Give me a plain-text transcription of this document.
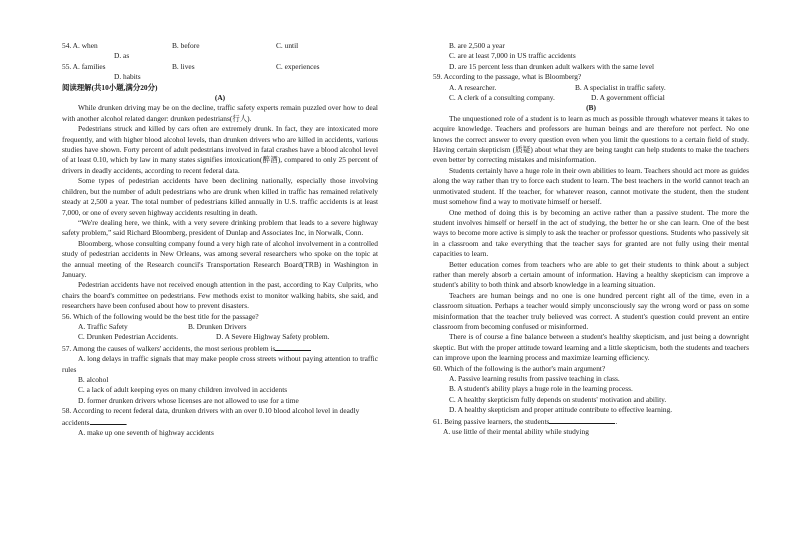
54. A. when	B. before	C. until
D. as
55. A. families	B. lives	C. experiences
D. habits
阅读理解(共10小题,满分20分)
(A)

While drunken driving may be on the decline, traffic safety experts remain puzzled over how to deal with another alcohol related danger: drunken pedestrians(行人).

Pedestrians struck and killed by cars often are extremely drunk. In fact, they are intoxicated more frequently, and with higher blood alcohol levels, than drunken drivers who are killed in accidents, various studies have shown. Forty percent of adult pedestrians involved in fatal crashes have a blood alcohol level of at least 0.10, which by law in many states signifies intoxication(醉酒), compared to only 25 percent of drivers in deadly accidents, according to recent federal data.

Some types of pedestrian accidents have been declining nationally, especially those involving children, but the number of adult pedestrians who are drunk when killed in traffic has remained relatively steady at 2,500 a year. The total number of pedestrians killed annually in U.S. traffic accidents is at least 7,000, or one of every seven highway accidents resulting in death.

“We're dealing here, we think, with a very severe drinking problem that leads to a severe highway safety problem,” said Richard Bloomberg, president of Dunlap and Associates Inc, in Norwalk, Conn.

Bloomberg, whose consulting company found a very high rate of alcohol involvement in a controlled study of pedestrian accidents in New Orleans, was among several researchers who spoke on the topic at the annual meeting of the Research council's Transportation Research Board(TRB) in Washington in January.

Pedestrian accidents have not received enough attention in the past, according to Kay Culprits, who chairs the board's committee on pedestrians. Few methods exist to monitor walking habits, she said, and researchers have been confused about how to prevent disasters.

56. Which of the following would be the best title for the passage?
A. Traffic Safety	B. Drunken Drivers
C. Drunken Pedestrian Accidents.	D. A Severe Highway Safety problem.
57. Among the causes of walkers' accidents, the most serious problem is

A. long delays in traffic signals that may make people cross streets without paying attention to traffic rules

B. alcohol
C. a lack of adult keeping eyes on many children involved in accidents
D. former drunken drivers whose licenses are not allowed to use for a time
58. According to recent federal data, drunken drivers with an over 0.10 blood alcohol level in deadly accidents	.
A. make up one seventh of highway accidents
B. are 2,500 a year
C. are at least 7,000 in US traffic accidents
D. are 15 percent less than drunken adult walkers with the same level
59. According to the passage, what is Bloomberg?
A. A researcher.	B. A specialist in traffic safety.
C. A clerk of a consulting company.	D. A government official
(B)

The unquestioned role of a student is to learn as much as possible through whatever means it takes to acquire knowledge. Teachers and professors are human beings and are therefore not perfect. No one knows the correct answer to every question even when you limit the questions to a certain field of study. Having certain skepticism (质疑) about what they are being taught can help students to make the teachers even better by correcting mistakes and misinformation.

Students certainly have a huge role in their own abilities to learn. Teachers should act more as guides along the way rather than try to force each student to learn. The best teachers in the world cannot teach an unmotivated student. If the teacher, for whatever reason, cannot motivate the student, then the student must somehow find a way to motivate himself or herself.

One method of doing this is by becoming an active rather than a passive student. The more the student involves himself or herself in the act of studying, the better he or she can learn. One of the best ways to become more active is simply to ask the teacher or professor questions. Students who passively sit in a classroom and take everything that the teacher says for granted are not fully using their mental capacities to learn.

Better education comes from teachers who are able to get their students to think about a subject rather than merely absorb a certain amount of information. Having a healthy skepticism can improve a student's ability to both think and absorb knowledge in a learning situation.

Teachers are human beings and no one is one hundred percent right all of the time, even in a classroom situation. Perhaps a teacher would simply unconsciously say the wrong word or pass on some misinformation that the teacher truly believed was correct. A student's question could prevent an entire classroom from becoming confused or misinformed.

There is of course a fine balance between a student's healthy skepticism, and just being a downright skeptic. But with the proper attitude toward learning and a little skepticism, both the students and teachers can improve upon the learning process and maximize learning efficiency.

60. Which of the following is the author's main argument?
A. Passive learning results from passive teaching in class.
B. A student's ability plays a huge role in the learning process.
C. A healthy skepticism fully depends on students' motivation and ability.
D. A healthy skepticism and proper attitude contribute to effective learning.
61. Being passive learners, the students	.
A. use little of their mental ability while studying
